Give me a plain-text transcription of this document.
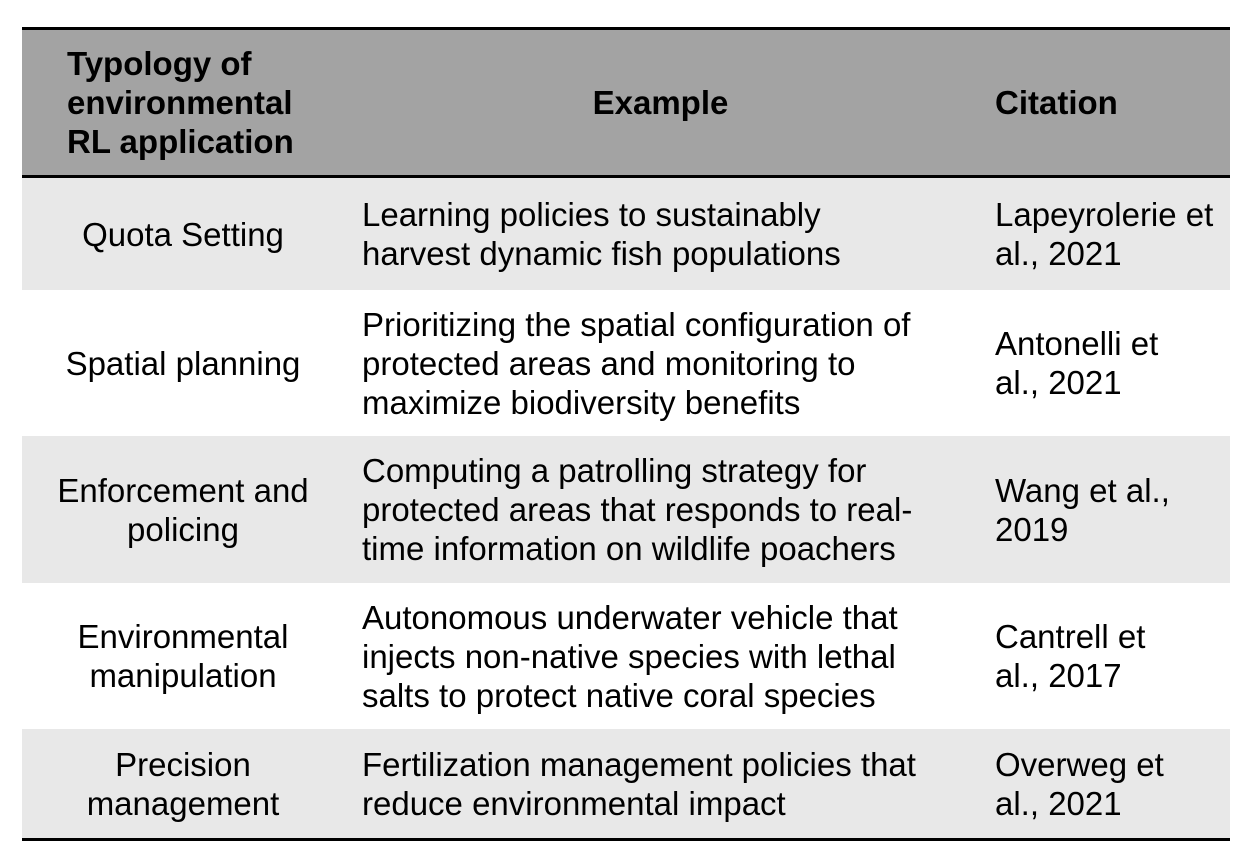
Typology of environmental RL application
Example	Citation
Quota Setting
Learning policies to sustainably harvest dynamic fish populations
Lapeyrolerie et al., 2021
Spatial planning
Prioritizing the spatial configuration of protected areas and monitoring to maximize biodiversity benefits
Antonelli et al., 2021
Enforcement and policing
Computing a patrolling strategy for protected areas that responds to real-time information on wildlife poachers
Wang et al., 2019
Environmental manipulation
Autonomous underwater vehicle that injects non-native species with lethal salts to protect native coral species
Cantrell et al., 2017
Precision management
Fertilization management policies that reduce environmental impact
Overweg et al., 2021
